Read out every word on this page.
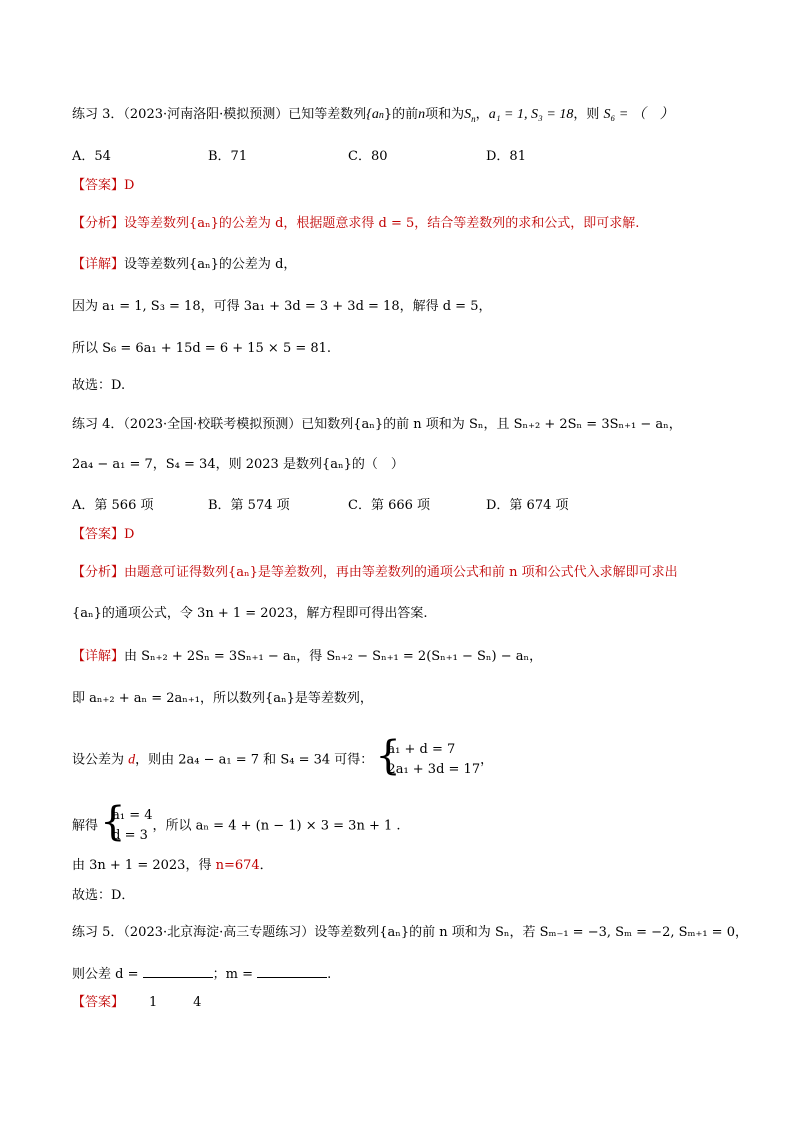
练习 3．（2023·河南洛阳·模拟预测）已知等差数列{an}的前n项和为$S_n$，a₁ = 1, S₃ = 18，则 S₆ = （　）
A．54	B．71	C．80	D．81
【答案】D
【分析】设等差数列{aₙ}的公差为 d，根据题意求得 d = 5，结合等差数列的求和公式，即可求解.
【详解】设等差数列{aₙ}的公差为 d，
因为 a₁ = 1, S₃ = 18，可得 3a₁ + 3d = 3 + 3d = 18，解得 d = 5，
所以 S₆ = 6a₁ + 15d = 6 + 15 × 5 = 81.
故选：D.
练习 4．（2023·全国·校联考模拟预测）已知数列{aₙ}的前 n 项和为 Sₙ，且 Sₙ₊₂ + 2Sₙ = 3Sₙ₊₁ − aₙ，
2a₄ − a₁ = 7，S₄ = 34，则 2023 是数列{aₙ}的（　）
A．第 566 项	B．第 574 项	C．第 666 项	D．第 674 项
【答案】D
【分析】由题意可证得数列{aₙ}是等差数列，再由等差数列的通项公式和前 n 项和公式代入求解即可求出
{aₙ}的通项公式，令 3n + 1 = 2023，解方程即可得出答案.
【详解】由 Sₙ₊₂ + 2Sₙ = 3Sₙ₊₁ − aₙ，得 Sₙ₊₂ − Sₙ₊₁ = 2(Sₙ₊₁ − Sₙ) − aₙ，
即 aₙ₊₂ + aₙ = 2aₙ₊₁，所以数列{aₙ}是等差数列，
设公差为 d，则由 2a₄ − a₁ = 7 和 S₄ = 34 可得：
{ a₁ + d = 7
2a₁ + 3d = 17
，
解得
{ a₁ = 4
d = 3
，所以 aₙ = 4 + (n − 1) × 3 = 3n + 1 .
由 3n + 1 = 2023，得 n=674．
故选：D．
练习 5．（2023·北京海淀·高三专题练习）设等差数列{aₙ}的前 n 项和为 Sₙ，若 Sₘ₋₁ = −3, Sₘ = −2, Sₘ₊₁ = 0，
则公差 d =	；m =	.
【答案】 1	4
